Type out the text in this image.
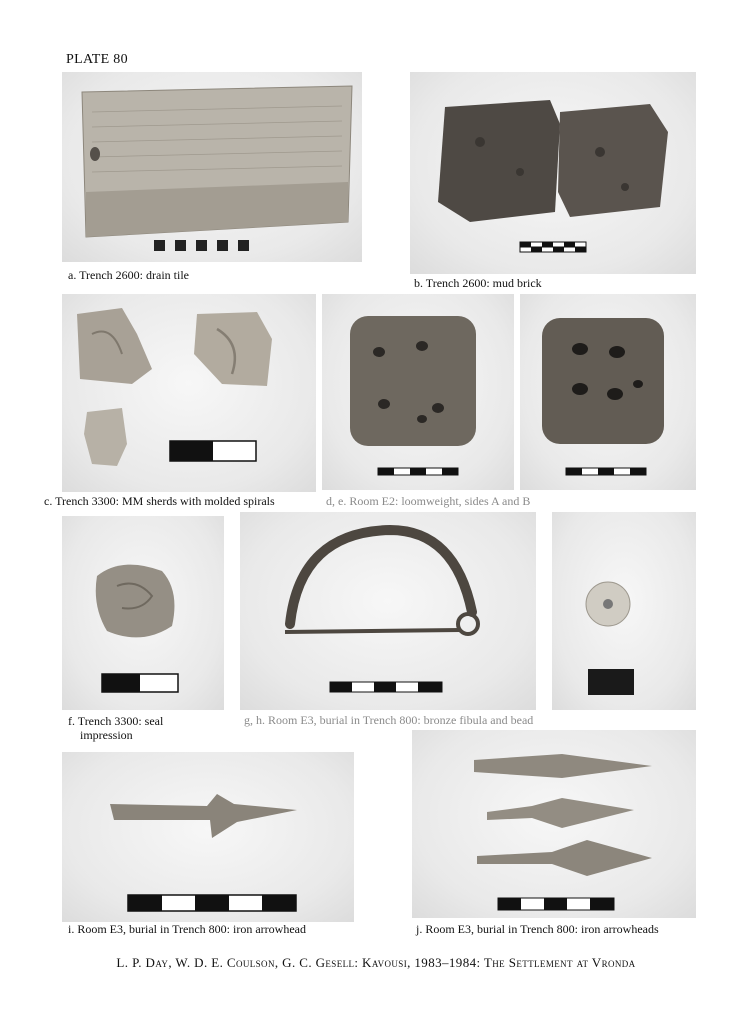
PLATE 80
a. Trench 2600: drain tile
b. Trench 2600: mud brick
c. Trench 3300: MM sherds with molded spirals	d, e. Room E2: loomweight, sides A and B
f. Trench 3300: seal
impression
g, h. Room E3, burial in Trench 800: bronze fibula and bead
i. Room E3, burial in Trench 800: iron arrowhead	j. Room E3, burial in Trench 800: iron arrowheads
L. P. Day, W. D. E. Coulson, G. C. Gesell: Kavousi, 1983–1984: The Settlement at Vronda
